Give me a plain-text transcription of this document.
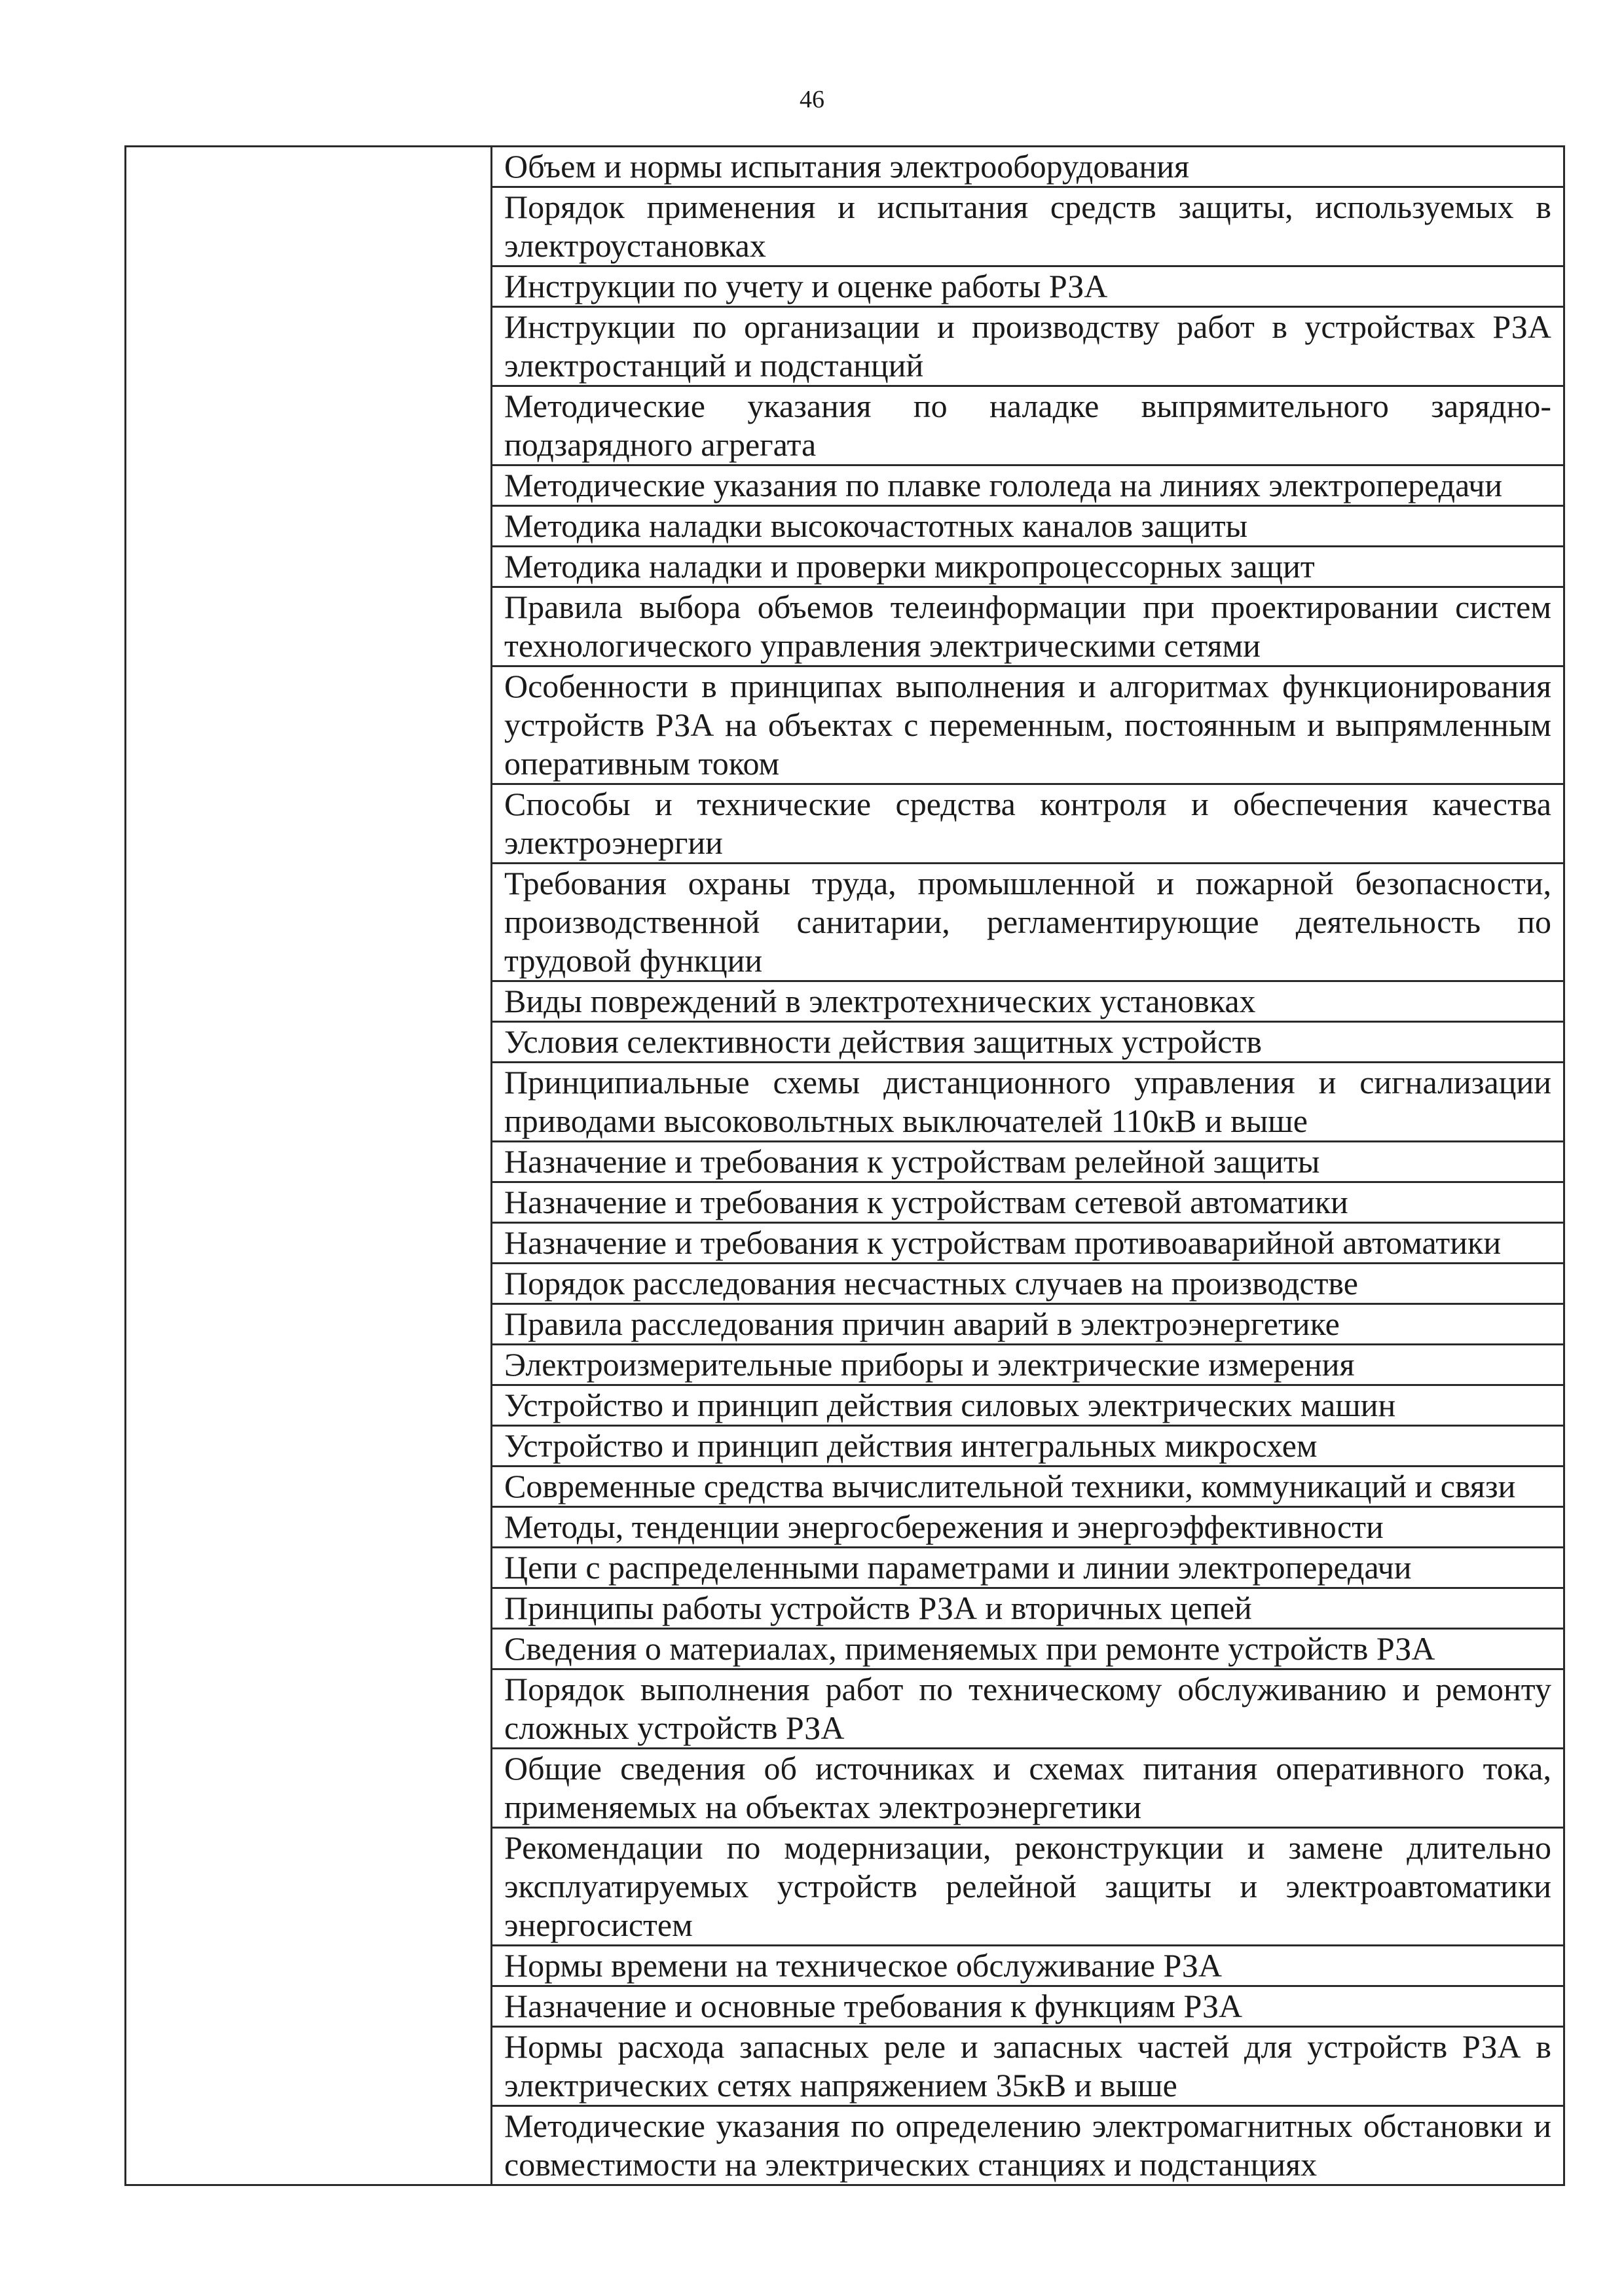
46
	Объем и нормы испытания электрооборудования
Порядок применения и испытания средств защиты, используемых в электроустановках
Инструкции по учету и оценке работы РЗА
Инструкции по организации и производству работ в устройствах РЗА электростанций и подстанций
Методические указания по наладке выпрямительного зарядно-подзарядного агрегата
Методические указания по плавке гололеда на линиях электропередачи
Методика наладки высокочастотных каналов защиты
Методика наладки и проверки микропроцессорных защит
Правила выбора объемов телеинформации при проектировании систем технологического управления электрическими сетями
Особенности в принципах выполнения и алгоритмах функционирования устройств РЗА на объектах с переменным, постоянным и выпрямленным оперативным током
Способы и технические средства контроля и обеспечения качества электроэнергии
Требования охраны труда, промышленной и пожарной безопасности, производственной санитарии, регламентирующие деятельность по трудовой функции
Виды повреждений в электротехнических установках
Условия селективности действия защитных устройств
Принципиальные схемы дистанционного управления и сигнализации приводами высоковольтных выключателей 110кВ и выше
Назначение и требования к устройствам релейной защиты
Назначение и требования к устройствам сетевой автоматики
Назначение и требования к устройствам противоаварийной автоматики
Порядок расследования несчастных случаев на производстве
Правила расследования причин аварий в электроэнергетике
Электроизмерительные приборы и электрические измерения
Устройство и принцип действия силовых электрических машин
Устройство и принцип действия интегральных микросхем
Современные средства вычислительной техники, коммуникаций и связи
Методы, тенденции энергосбережения и энергоэффективности
Цепи с распределенными параметрами и линии электропередачи
Принципы работы устройств РЗА и вторичных цепей
Сведения о материалах, применяемых при ремонте устройств РЗА
Порядок выполнения работ по техническому обслуживанию и ремонту сложных устройств РЗА
Общие сведения об источниках и схемах питания оперативного тока, применяемых на объектах электроэнергетики
Рекомендации по модернизации, реконструкции и замене длительно эксплуатируемых устройств релейной защиты и электроавтоматики энергосистем
Нормы времени на техническое обслуживание РЗА
Назначение и основные требования к функциям РЗА
Нормы расхода запасных реле и запасных частей для устройств РЗА в электрических сетях напряжением 35кВ и выше
Методические указания по определению электромагнитных обстановки и совместимости на электрических станциях и подстанциях
